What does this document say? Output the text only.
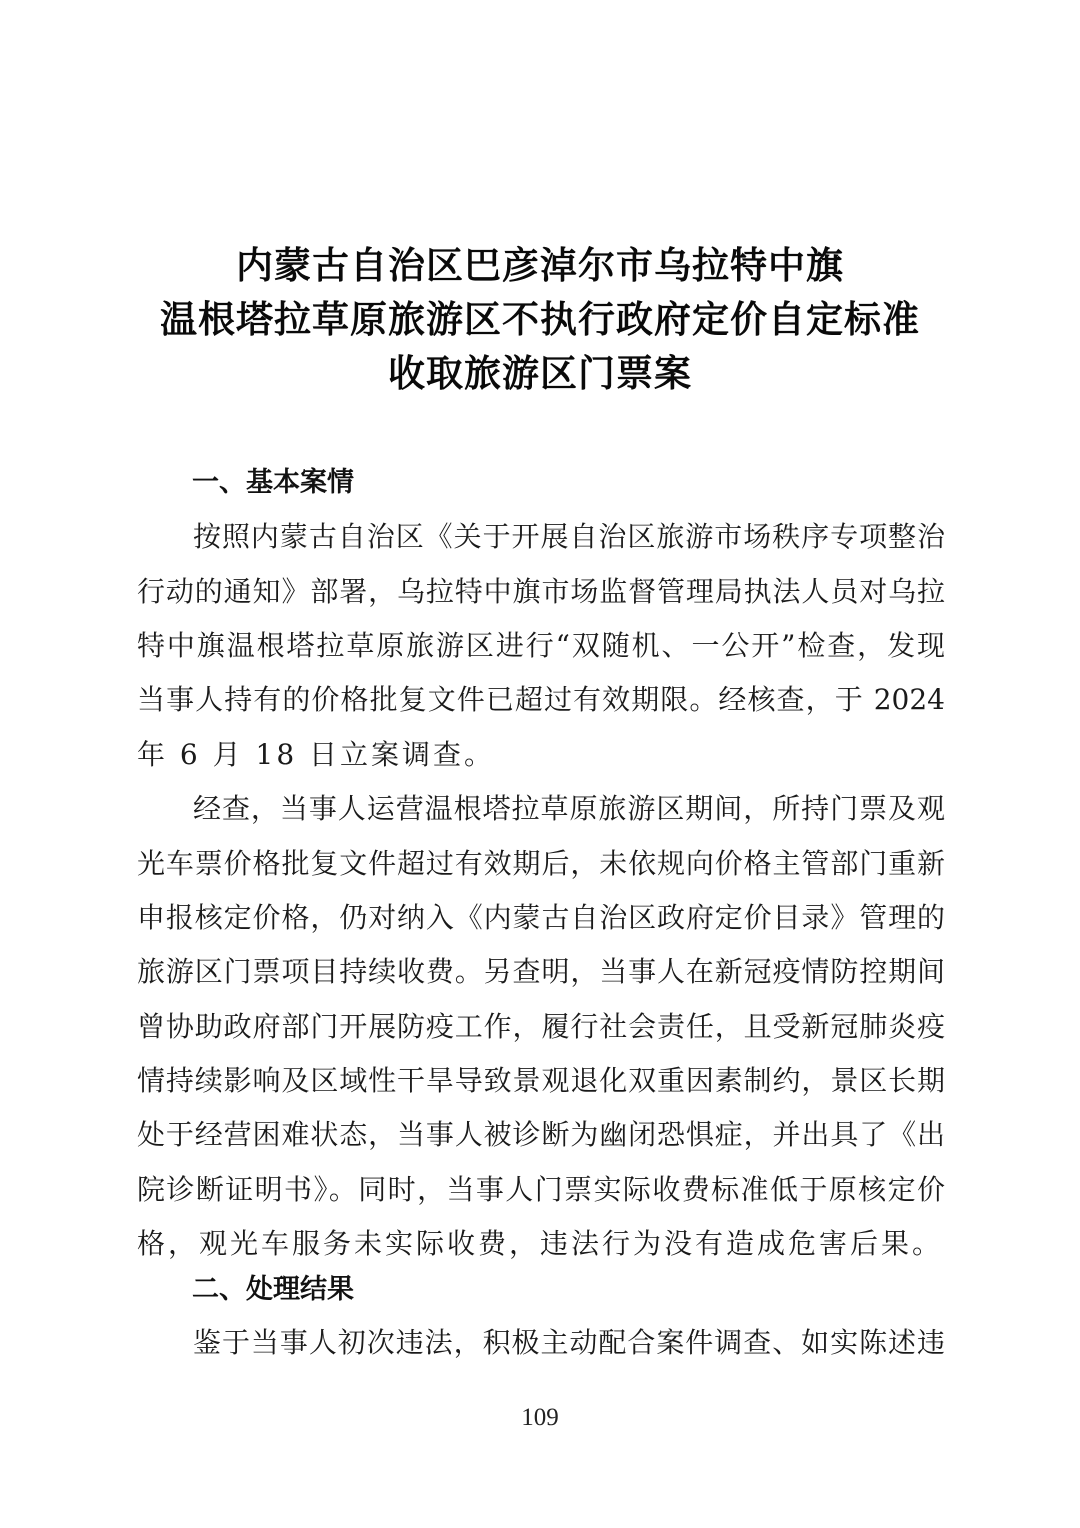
内蒙古自治区巴彦淖尔市乌拉特中旗
温根塔拉草原旅游区不执行政府定价自定标准
收取旅游区门票案
一、基本案情
按照内蒙古自治区《关于开展自治区旅游市场秩序专项整治
行动的通知》部署，乌拉特中旗市场监督管理局执法人员对乌拉
特中旗温根塔拉草原旅游区进行“双随机、一公开”检查，发现
当事人持有的价格批复文件已超过有效期限。经核查，于 2024
年 6 月 18 日立案调查。
经查，当事人运营温根塔拉草原旅游区期间，所持门票及观
光车票价格批复文件超过有效期后，未依规向价格主管部门重新
申报核定价格，仍对纳入《内蒙古自治区政府定价目录》管理的
旅游区门票项目持续收费。另查明，当事人在新冠疫情防控期间
曾协助政府部门开展防疫工作，履行社会责任，且受新冠肺炎疫
情持续影响及区域性干旱导致景观退化双重因素制约，景区长期
处于经营困难状态，当事人被诊断为幽闭恐惧症，并出具了《出
院诊断证明书》。同时，当事人门票实际收费标准低于原核定价
格，观光车服务未实际收费，违法行为没有造成危害后果。
二、处理结果
鉴于当事人初次违法，积极主动配合案件调查、如实陈述违
109
